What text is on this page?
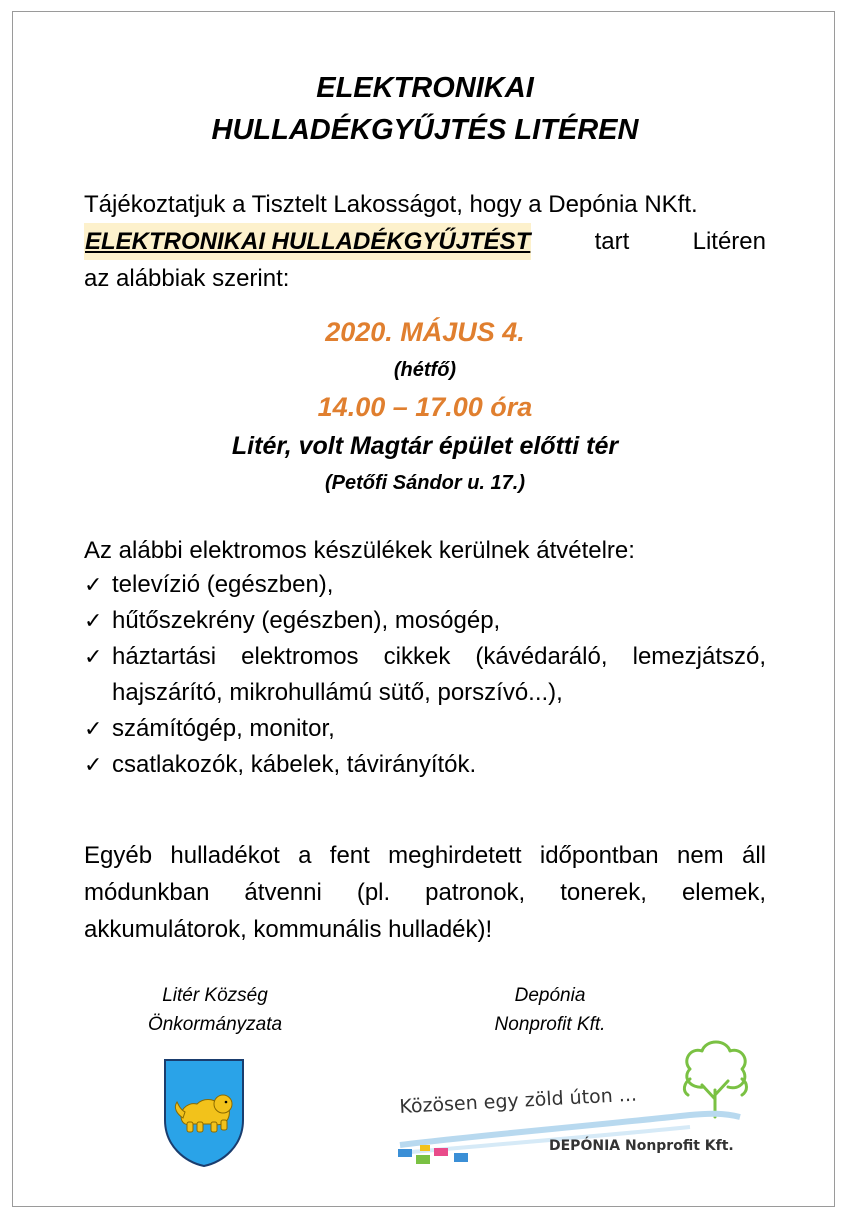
ELEKTRONIKAI
HULLADÉKGYŰJTÉS LITÉREN
Tájékoztatjuk a Tisztelt Lakosságot, hogy a Depónia NKft.
ELEKTRONIKAI HULLADÉKGYŰJTÉST	tart	Litéren
az alábbiak szerint:
2020. MÁJUS 4.
(hétfő)
14.00 – 17.00 óra
Litér, volt Magtár épület előtti tér
(Petőfi Sándor u. 17.)
Az alábbi elektromos készülékek kerülnek átvételre:
✓ televízió (egészben),
✓ hűtőszekrény (egészben), mosógép,
✓ háztartási elektromos cikkek (kávédaráló, lemezjátszó, hajszárító, mikrohullámú sütő, porszívó...),
✓ számítógép, monitor,
✓ csatlakozók, kábelek, távirányítók.
Egyéb hulladékot a fent meghirdetett időpontban nem áll módunkban átvenni (pl. patronok, tonerek, elemek, akkumulátorok, kommunális hulladék)!
Litér Község
Önkormányzata
Depónia
Nonprofit Kft.
Közösen egy zöld úton ...
DEPÓNIA Nonprofit Kft.
